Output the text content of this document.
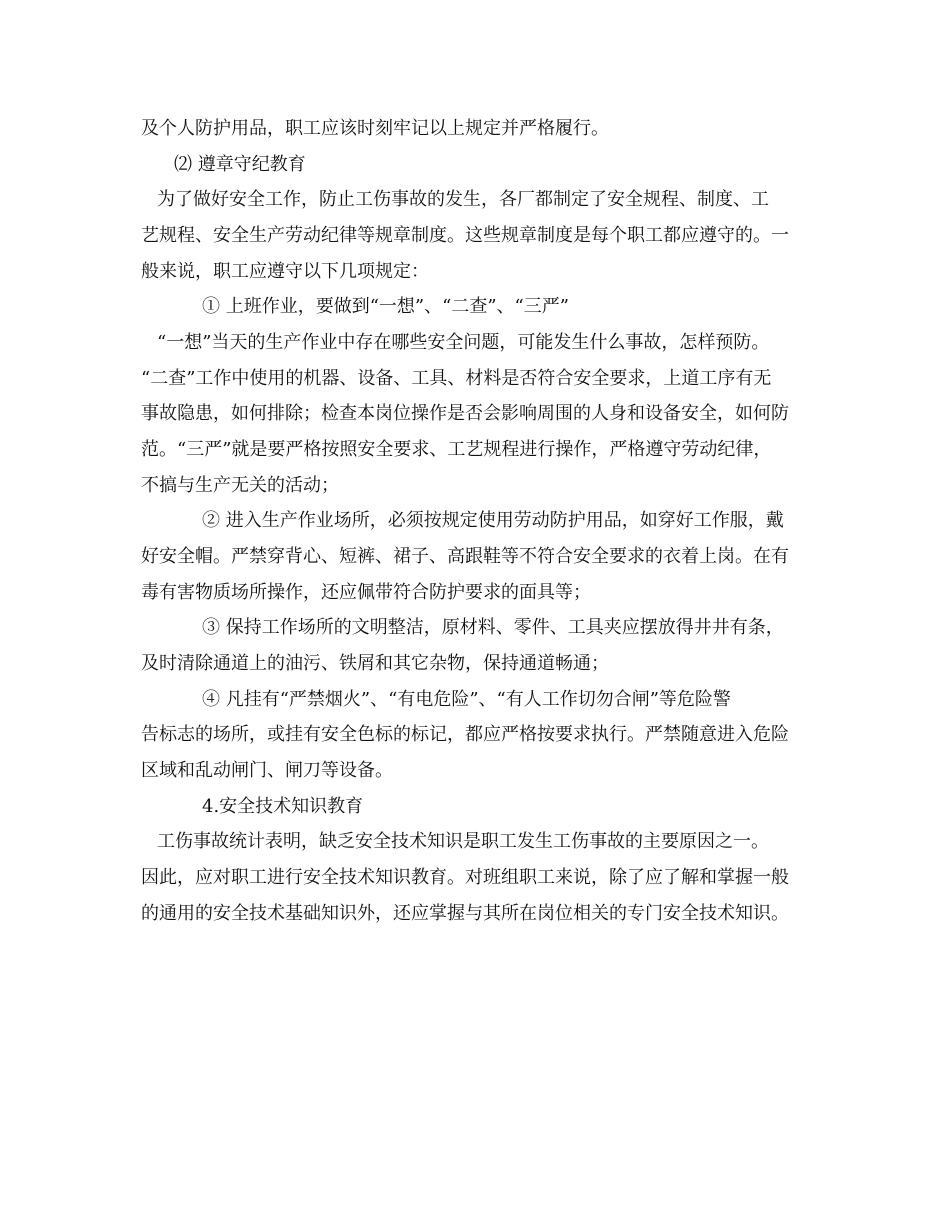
及个人防护用品，职工应该时刻牢记以上规定并严格履行。
⑵ 遵章守纪教育
为了做好安全工作，防止工伤事故的发生，各厂都制定了安全规程、制度、工
艺规程、安全生产劳动纪律等规章制度。这些规章制度是每个职工都应遵守的。一
般来说，职工应遵守以下几项规定：
① 上班作业，要做到“一想”、“二查”、“三严”
“一想”当天的生产作业中存在哪些安全问题，可能发生什么事故，怎样预防。
“二查”工作中使用的机器、设备、工具、材料是否符合安全要求，上道工序有无
事故隐患，如何排除；检查本岗位操作是否会影响周围的人身和设备安全，如何防
范。“三严”就是要严格按照安全要求、工艺规程进行操作，严格遵守劳动纪律，
不搞与生产无关的活动；
② 进入生产作业场所，必须按规定使用劳动防护用品，如穿好工作服，戴
好安全帽。严禁穿背心、短裤、裙子、高跟鞋等不符合安全要求的衣着上岗。在有
毒有害物质场所操作，还应佩带符合防护要求的面具等；
③ 保持工作场所的文明整洁，原材料、零件、工具夹应摆放得井井有条，
及时清除通道上的油污、铁屑和其它杂物，保持通道畅通；
④ 凡挂有“严禁烟火”、“有电危险”、“有人工作切勿合闸”等危险警
告标志的场所，或挂有安全色标的标记，都应严格按要求执行。严禁随意进入危险
区域和乱动闸门、闸刀等设备。
4.安全技术知识教育
工伤事故统计表明，缺乏安全技术知识是职工发生工伤事故的主要原因之一。
因此，应对职工进行安全技术知识教育。对班组职工来说，除了应了解和掌握一般
的通用的安全技术基础知识外，还应掌握与其所在岗位相关的专门安全技术知识。
